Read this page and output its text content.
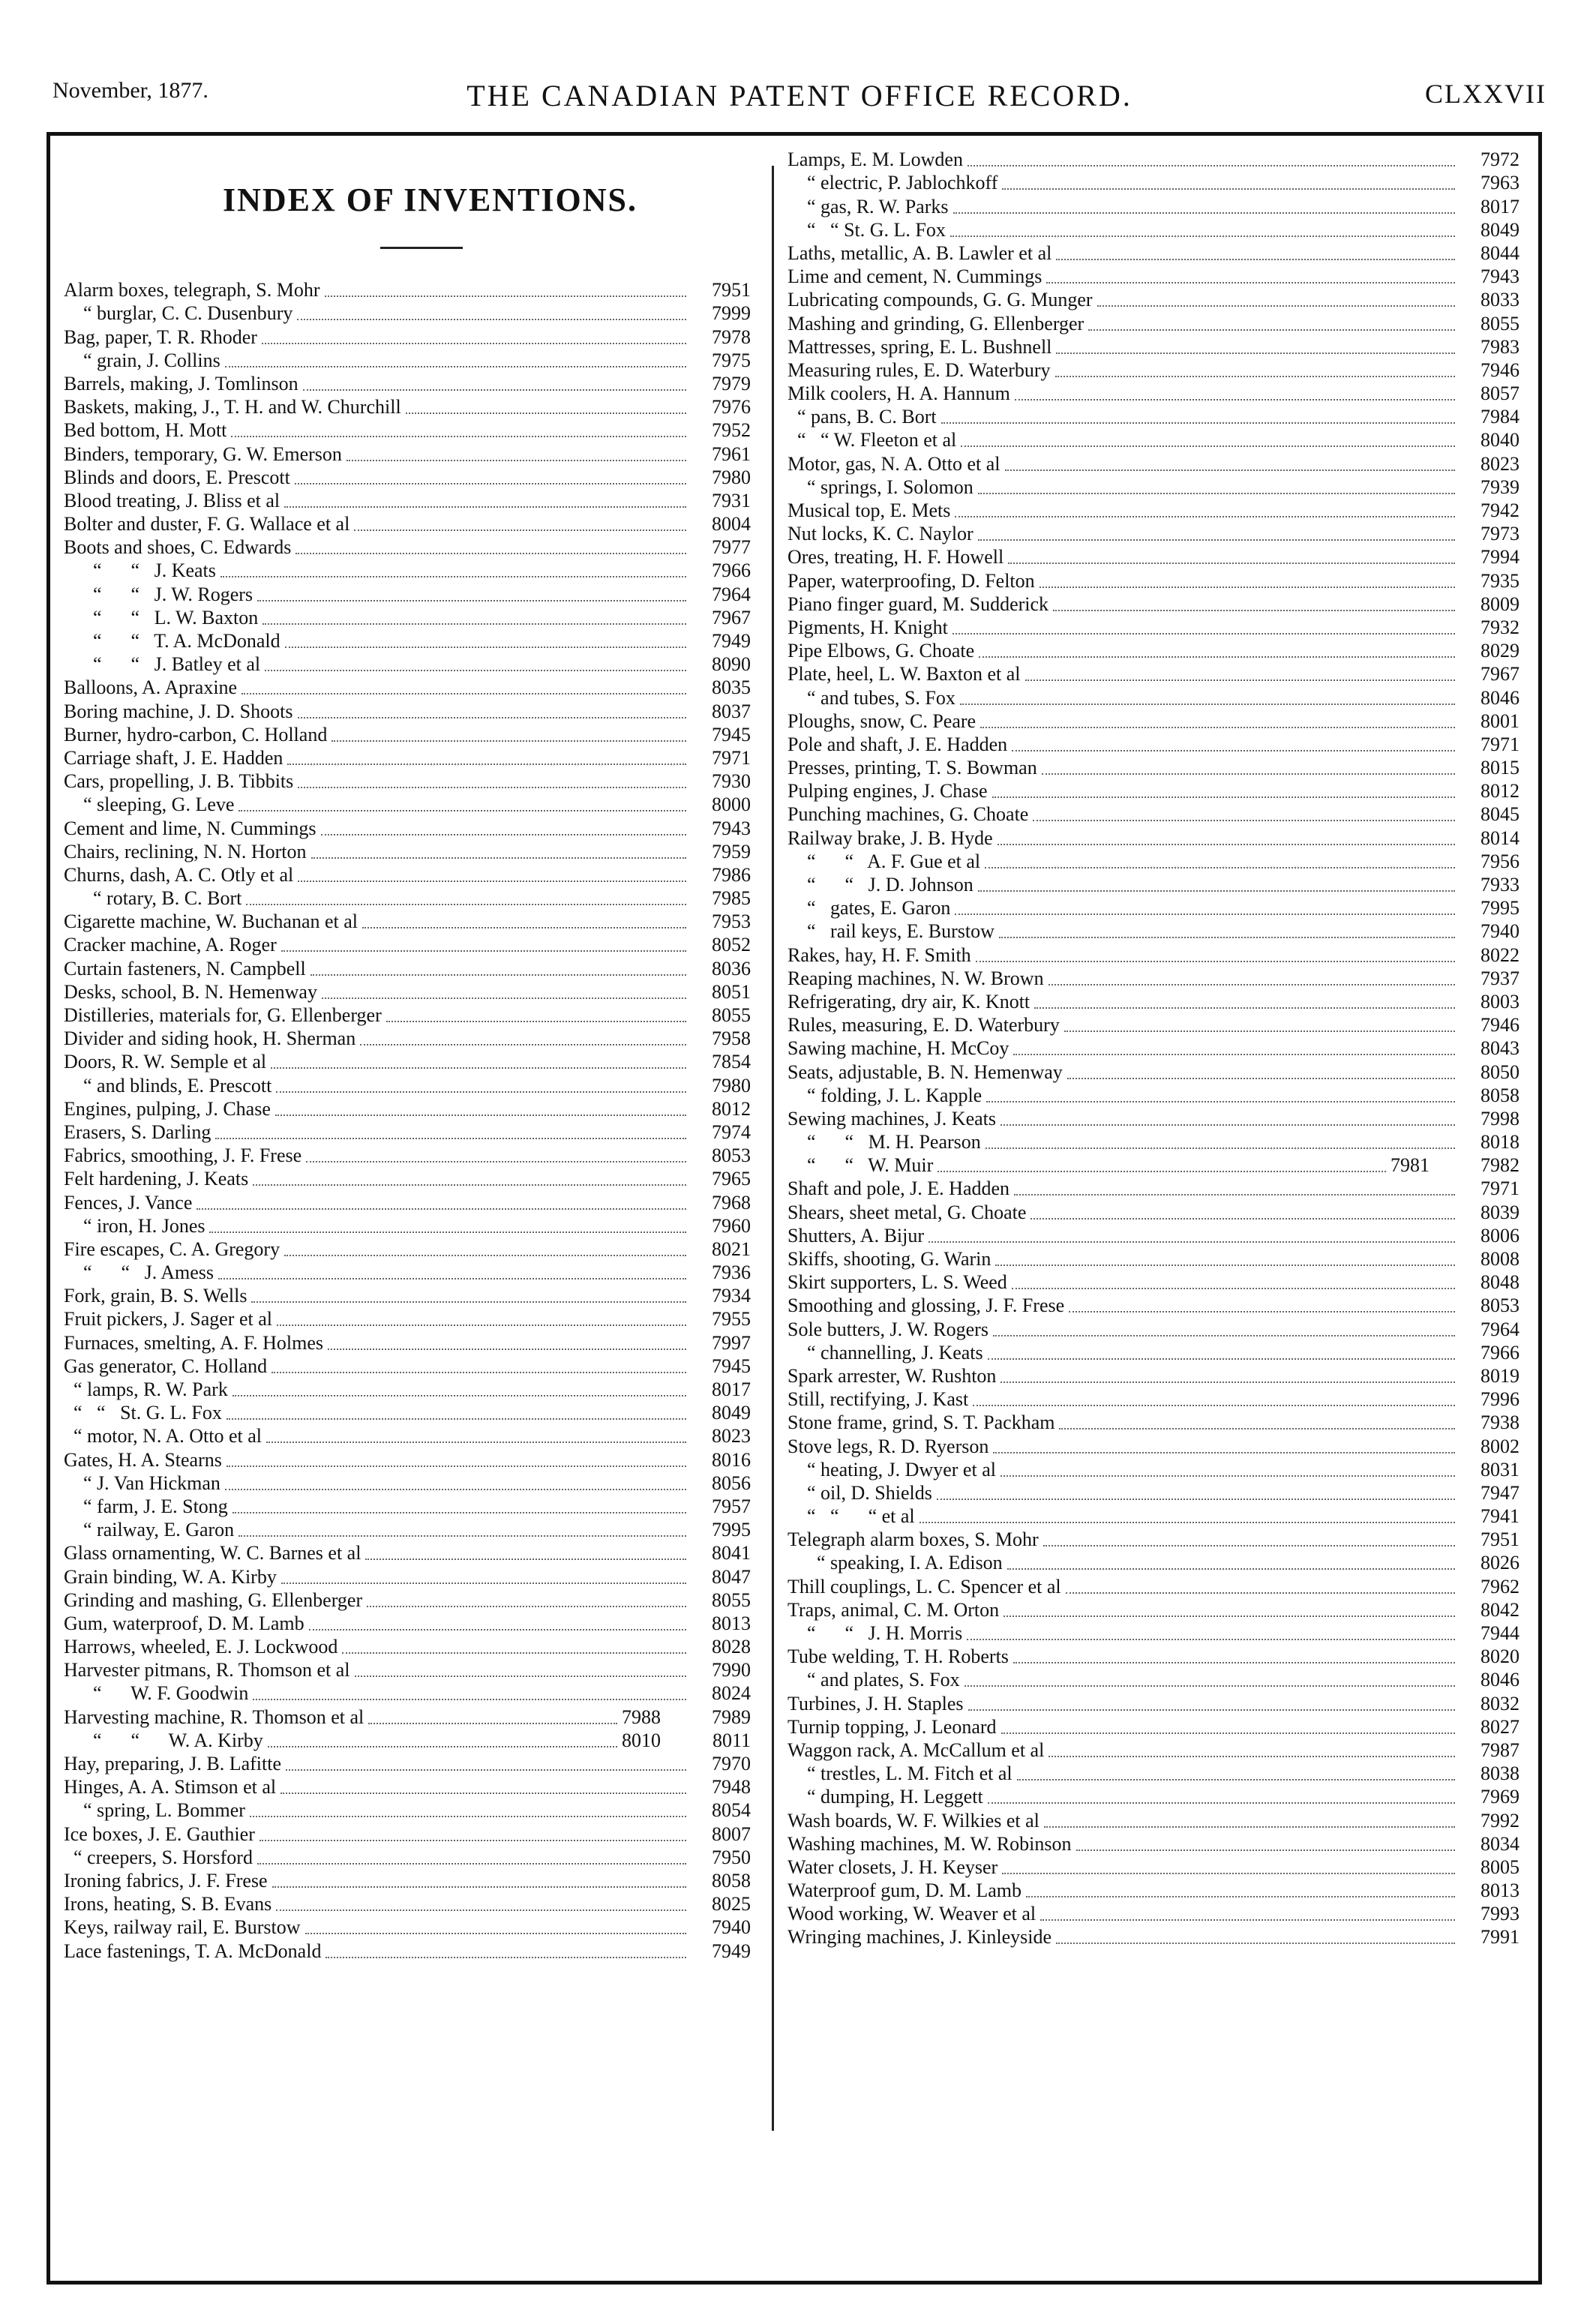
November, 1877.	THE CANADIAN PATENT OFFICE RECORD.	CLXXVII
INDEX OF INVENTIONS.
Alarm boxes, telegraph, S. Mohr	7951
“ burglar, C. C. Dusenbury	7999
Bag, paper, T. R. Rhoder	7978
“ grain, J. Collins	7975
Barrels, making, J. Tomlinson	7979
Baskets, making, J., T. H. and W. Churchill	7976
Bed bottom, H. Mott	7952
Binders, temporary, G. W. Emerson	7961
Blinds and doors, E. Prescott	7980
Blood treating, J. Bliss et al	7931
Bolter and duster, F. G. Wallace et al	8004
Boots and shoes, C. Edwards	7977
“      “   J. Keats	7966
“      “   J. W. Rogers	7964
“      “   L. W. Baxton	7967
“      “   T. A. McDonald	7949
“      “   J. Batley et al	8090
Balloons, A. Apraxine	8035
Boring machine, J. D. Shoots	8037
Burner, hydro-carbon, C. Holland	7945
Carriage shaft, J. E. Hadden	7971
Cars, propelling, J. B. Tibbits	7930
“ sleeping, G. Leve	8000
Cement and lime, N. Cummings	7943
Chairs, reclining, N. N. Horton	7959
Churns, dash, A. C. Otly et al	7986
“ rotary, B. C. Bort	7985
Cigarette machine, W. Buchanan et al	7953
Cracker machine, A. Roger	8052
Curtain fasteners, N. Campbell	8036
Desks, school, B. N. Hemenway	8051
Distilleries, materials for, G. Ellenberger	8055
Divider and siding hook, H. Sherman	7958
Doors, R. W. Semple et al	7854
“ and blinds, E. Prescott	7980
Engines, pulping, J. Chase	8012
Erasers, S. Darling	7974
Fabrics, smoothing, J. F. Frese	8053
Felt hardening, J. Keats	7965
Fences, J. Vance	7968
“ iron, H. Jones	7960
Fire escapes, C. A. Gregory	8021
“      “   J. Amess	7936
Fork, grain, B. S. Wells	7934
Fruit pickers, J. Sager et al	7955
Furnaces, smelting, A. F. Holmes	7997
Gas generator, C. Holland	7945
“ lamps, R. W. Park	8017
“   “   St. G. L. Fox	8049
“ motor, N. A. Otto et al	8023
Gates, H. A. Stearns	8016
“ J. Van Hickman	8056
“ farm, J. E. Stong	7957
“ railway, E. Garon	7995
Glass ornamenting, W. C. Barnes et al	8041
Grain binding, W. A. Kirby	8047
Grinding and mashing, G. Ellenberger	8055
Gum, waterproof, D. M. Lamb	8013
Harrows, wheeled, E. J. Lockwood	8028
Harvester pitmans, R. Thomson et al	7990
“      W. F. Goodwin	8024
Harvesting machine, R. Thomson et al	7988	7989
“      “      W. A. Kirby	8010	8011
Hay, preparing, J. B. Lafitte	7970
Hinges, A. A. Stimson et al	7948
“ spring, L. Bommer	8054
Ice boxes, J. E. Gauthier	8007
“ creepers, S. Horsford	7950
Ironing fabrics, J. F. Frese	8058
Irons, heating, S. B. Evans	8025
Keys, railway rail, E. Burstow	7940
Lace fastenings, T. A. McDonald	7949
Lamps, E. M. Lowden	7972
“ electric, P. Jablochkoff	7963
“ gas, R. W. Parks	8017
“   “ St. G. L. Fox	8049
Laths, metallic, A. B. Lawler et al	8044
Lime and cement, N. Cummings	7943
Lubricating compounds, G. G. Munger	8033
Mashing and grinding, G. Ellenberger	8055
Mattresses, spring, E. L. Bushnell	7983
Measuring rules, E. D. Waterbury	7946
Milk coolers, H. A. Hannum	8057
“ pans, B. C. Bort	7984
“   “ W. Fleeton et al	8040
Motor, gas, N. A. Otto et al	8023
“ springs, I. Solomon	7939
Musical top, E. Mets	7942
Nut locks, K. C. Naylor	7973
Ores, treating, H. F. Howell	7994
Paper, waterproofing, D. Felton	7935
Piano finger guard, M. Sudderick	8009
Pigments, H. Knight	7932
Pipe Elbows, G. Choate	8029
Plate, heel, L. W. Baxton et al	7967
“ and tubes, S. Fox	8046
Ploughs, snow, C. Peare	8001
Pole and shaft, J. E. Hadden	7971
Presses, printing, T. S. Bowman	8015
Pulping engines, J. Chase	8012
Punching machines, G. Choate	8045
Railway brake, J. B. Hyde	8014
“      “   A. F. Gue et al	7956
“      “   J. D. Johnson	7933
“   gates, E. Garon	7995
“   rail keys, E. Burstow	7940
Rakes, hay, H. F. Smith	8022
Reaping machines, N. W. Brown	7937
Refrigerating, dry air, K. Knott	8003
Rules, measuring, E. D. Waterbury	7946
Sawing machine, H. McCoy	8043
Seats, adjustable, B. N. Hemenway	8050
“ folding, J. L. Kapple	8058
Sewing machines, J. Keats	7998
“      “   M. H. Pearson	8018
“      “   W. Muir	7981	7982
Shaft and pole, J. E. Hadden	7971
Shears, sheet metal, G. Choate	8039
Shutters, A. Bijur	8006
Skiffs, shooting, G. Warin	8008
Skirt supporters, L. S. Weed	8048
Smoothing and glossing, J. F. Frese	8053
Sole butters, J. W. Rogers	7964
“ channelling, J. Keats	7966
Spark arrester, W. Rushton	8019
Still, rectifying, J. Kast	7996
Stone frame, grind, S. T. Packham	7938
Stove legs, R. D. Ryerson	8002
“ heating, J. Dwyer et al	8031
“ oil, D. Shields	7947
“   “      “ et al	7941
Telegraph alarm boxes, S. Mohr	7951
“ speaking, I. A. Edison	8026
Thill couplings, L. C. Spencer et al	7962
Traps, animal, C. M. Orton	8042
“      “   J. H. Morris	7944
Tube welding, T. H. Roberts	8020
“ and plates, S. Fox	8046
Turbines, J. H. Staples	8032
Turnip topping, J. Leonard	8027
Waggon rack, A. McCallum et al	7987
“ trestles, L. M. Fitch et al	8038
“ dumping, H. Leggett	7969
Wash boards, W. F. Wilkies et al	7992
Washing machines, M. W. Robinson	8034
Water closets, J. H. Keyser	8005
Waterproof gum, D. M. Lamb	8013
Wood working, W. Weaver et al	7993
Wringing machines, J. Kinleyside	7991
